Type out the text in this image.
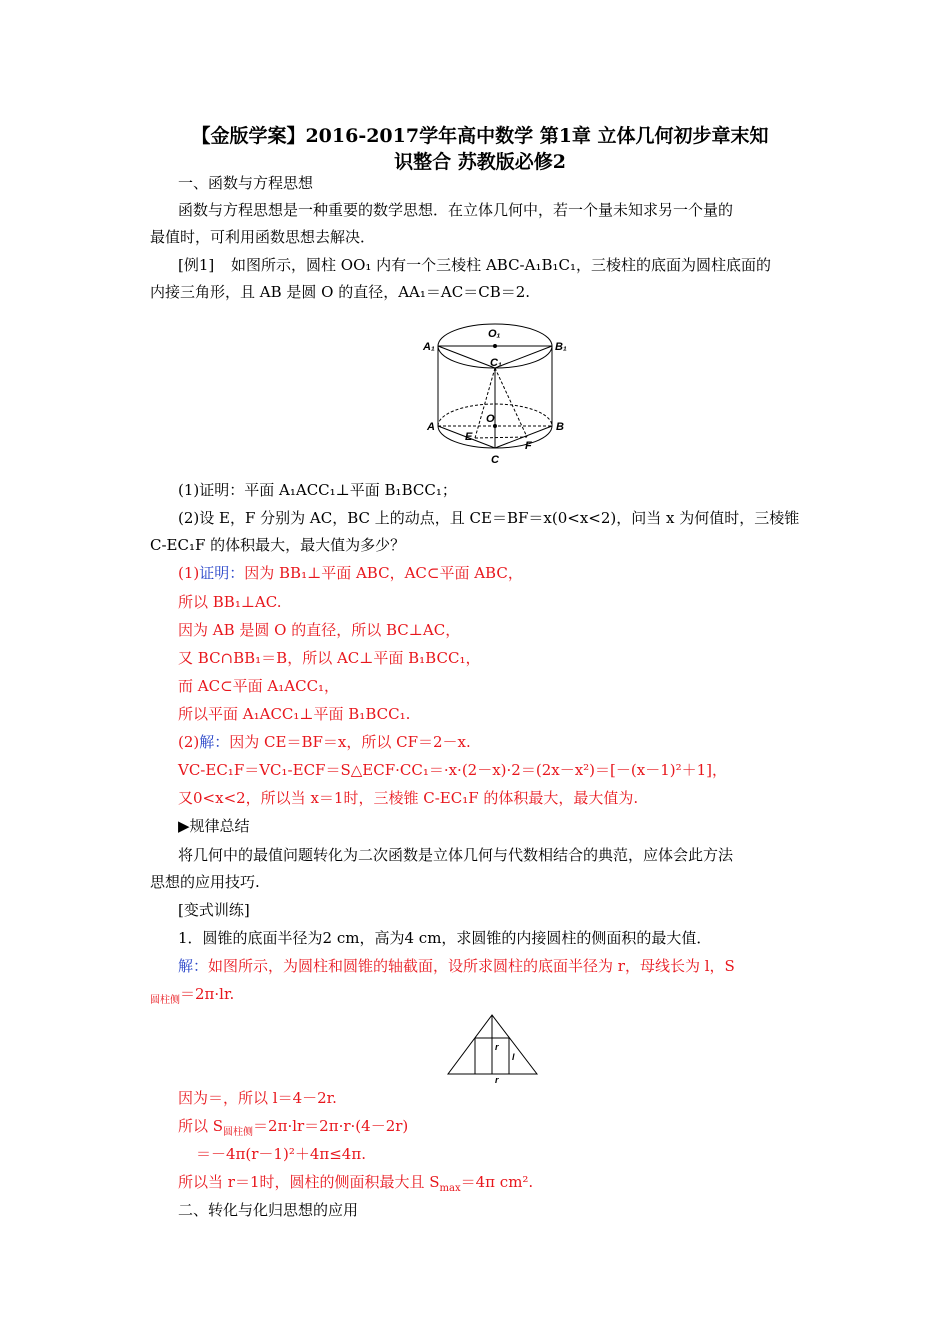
【金版学案】2016-2017学年高中数学 第1章 立体几何初步章末知
识整合 苏教版必修2
一、函数与方程思想
函数与方程思想是一种重要的数学思想．在立体几何中，若一个量未知求另一个量的
最值时，可利用函数思想去解决．
[例1] 如图所示，圆柱 OO₁ 内有一个三棱柱 ABC-A₁B₁C₁，三棱柱的底面为圆柱底面的
内接三角形，且 AB 是圆 O 的直径，AA₁＝AC＝CB＝2.
O₁
A₁	B₁
C₁
O
A	B
C
E
F
(1)证明：平面 A₁ACC₁⊥平面 B₁BCC₁；
(2)设 E，F 分别为 AC，BC 上的动点，且 CE＝BF＝x(0<x<2)，问当 x 为何值时，三棱锥
C-EC₁F 的体积最大，最大值为多少？
(1)证明：因为 BB₁⊥平面 ABC，AC⊂平面 ABC，
所以 BB₁⊥AC.
因为 AB 是圆 O 的直径，所以 BC⊥AC，
又 BC∩BB₁＝B，所以 AC⊥平面 B₁BCC₁，
而 AC⊂平面 A₁ACC₁，
所以平面 A₁ACC₁⊥平面 B₁BCC₁.
(2)解：因为 CE＝BF＝x，所以 CF＝2－x.
VC-EC₁F＝VC₁-ECF＝S△ECF·CC₁＝·x·(2－x)·2＝(2x－x²)＝[－(x－1)²＋1]，
又0<x<2，所以当 x＝1时，三棱锥 C-EC₁F 的体积最大，最大值为.
▶规律总结
将几何中的最值问题转化为二次函数是立体几何与代数相结合的典范，应体会此方法
思想的应用技巧.
[变式训练]
1．圆锥的底面半径为2 cm，高为4 cm，求圆锥的内接圆柱的侧面积的最大值．
解：如图所示，为圆柱和圆锥的轴截面，设所求圆柱的底面半径为 r，母线长为 l，S
$_{圆柱侧}$＝2π·lr.
r
l
r
因为＝，所以 l＝4－2r.
所以 $S_{圆柱侧}=2\pi\cdot lr=2\pi\cdot r\cdot(4-2r)$
＝－4π(r－1)²＋4π≤4π.
所以当 r＝1时，圆柱的侧面积最大且 $S_{max}=4\pi$ cm².
二、转化与化归思想的应用
